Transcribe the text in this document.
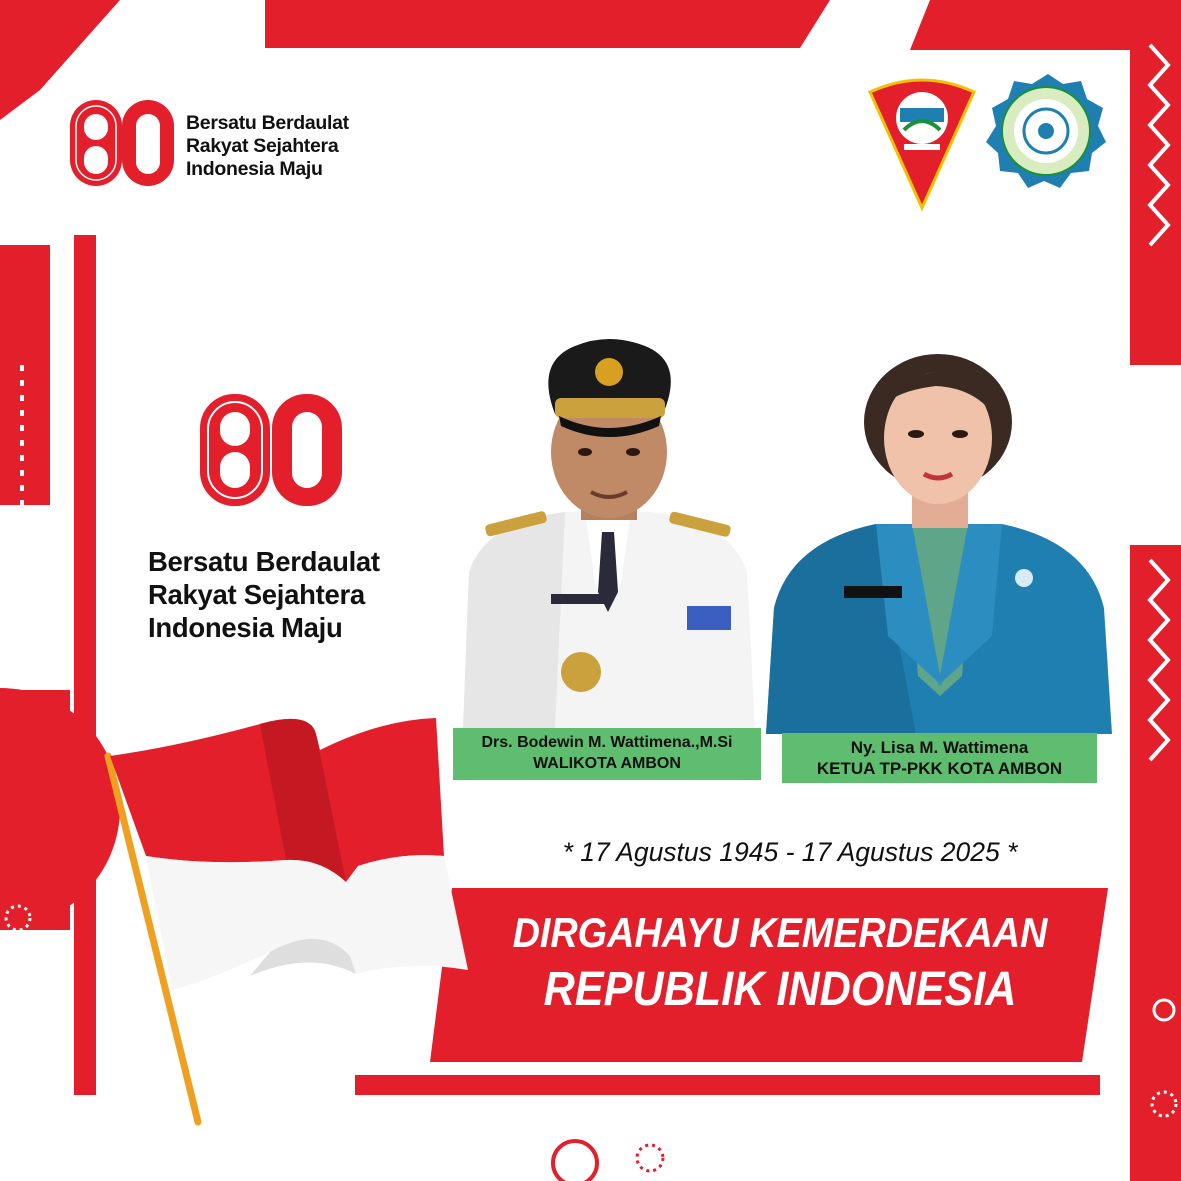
Bersatu Berdaulat
Rakyat Sejahtera
Indonesia Maju
Bersatu Berdaulat
Rakyat Sejahtera
Indonesia Maju
Drs. Bodewin M. Wattimena.,M.Si
WALIKOTA AMBON
Ny. Lisa M. Wattimena
KETUA TP-PKK KOTA AMBON
* 17 Agustus 1945 - 17 Agustus 2025 *
DIRGAHAYU KEMERDEKAAN
REPUBLIK INDONESIA
